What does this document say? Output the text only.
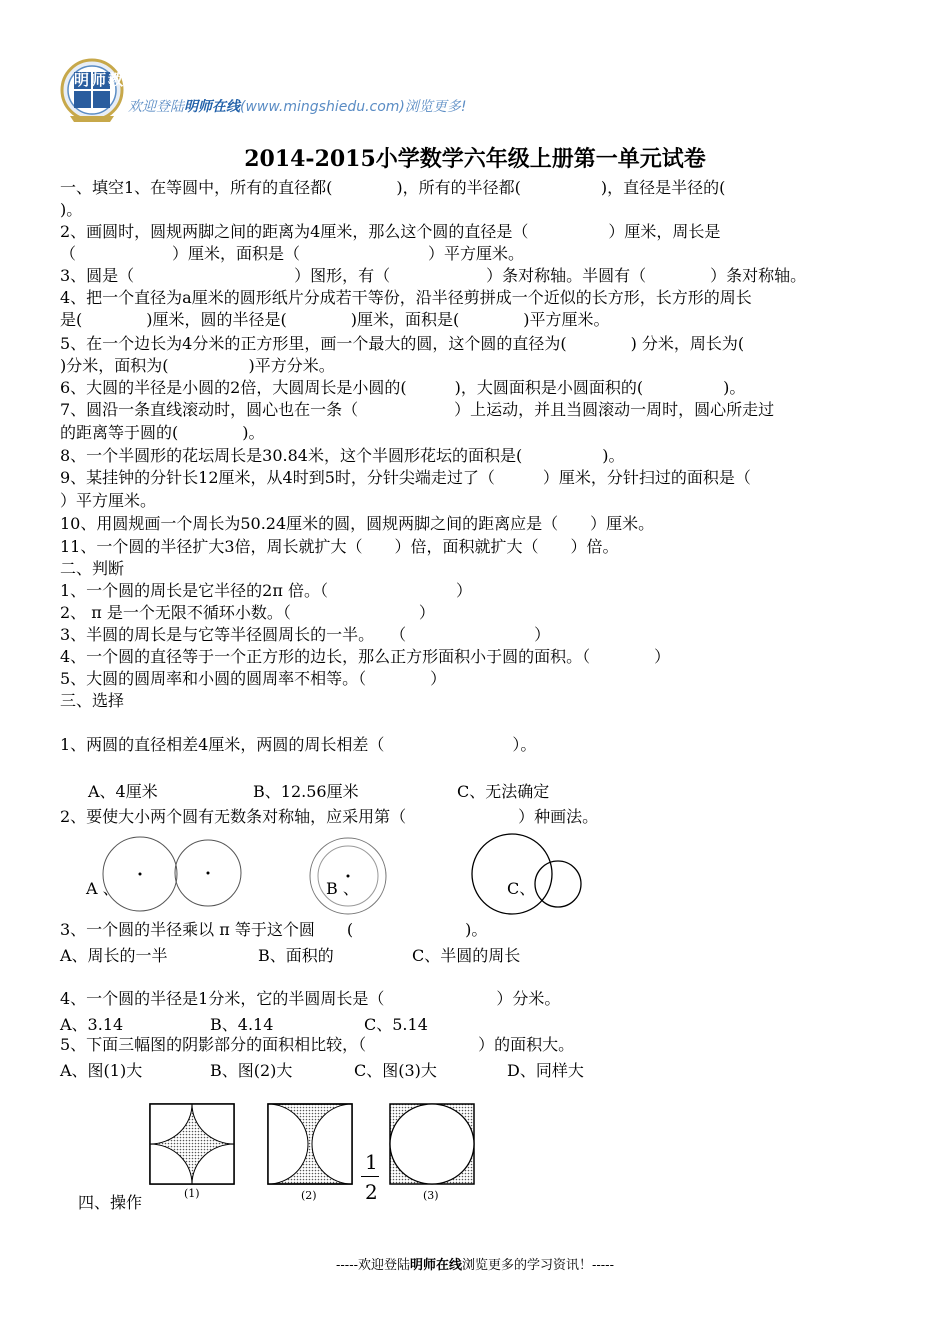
明师教育
欢迎登陆明师在线(www.mingshiedu.com)浏览更多!
2014-2015小学数学六年级上册第一单元试卷
一、填空1、在等圆中，所有的直径都(　　　　)，所有的半径都(　　　　　)，直径是半径的(
)。
2、画圆时，圆规两脚之间的距离为4厘米，那么这个圆的直径是（　　　　　）厘米，周长是
（　　　　　　）厘米，面积是（　　　　　　　　）平方厘米。
3、圆是（　　　　　　　　　　）图形，有（　　　　　　）条对称轴。半圆有（　　　　）条对称轴。
4、把一个直径为a厘米的圆形纸片分成若干等份，沿半径剪拼成一个近似的长方形，长方形的周长
是(　　　　)厘米，圆的半径是(　　　　)厘米，面积是(　　　　)平方厘米。
5、在一个边长为4分米的正方形里，画一个最大的圆，这个圆的直径为(　　　　) 分米，周长为(
)分米，面积为(　　　　　)平方分米。
6、大圆的半径是小圆的2倍，大圆周长是小圆的(　　　)，大圆面积是小圆面积的(　　　　　)。
7、圆沿一条直线滚动时，圆心也在一条（　　　　　　）上运动，并且当圆滚动一周时，圆心所走过
的距离等于圆的(　　　　)。
8、一个半圆形的花坛周长是30.84米，这个半圆形花坛的面积是(　　　　　)。
9、某挂钟的分针长12厘米，从4时到5时，分针尖端走过了（　　　）厘米，分针扫过的面积是（
）平方厘米。
10、用圆规画一个周长为50.24厘米的圆，圆规两脚之间的距离应是（　　）厘米。
11、一个圆的半径扩大3倍，周长就扩大（　　）倍，面积就扩大（　　）倍。
二、判断
1、一个圆的周长是它半径的2π 倍。（　　　　　　　　）
2、 π 是一个无限不循环小数。（　　　　　　　　）
3、半圆的周长是与它等半径圆周长的一半。　　（　　　　　　　　）
4、一个圆的直径等于一个正方形的边长，那么正方形面积小于圆的面积。（　　　　）
5、大圆的圆周率和小圆的圆周率不相等。（　　　　）
三、选择
1、两圆的直径相差4厘米，两圆的周长相差（　　　　　　　　）。
A、4厘米	B、12.56厘米	C、无法确定
2、要使大小两个圆有无数条对称轴，应采用第（　　　　　　　）种画法。
A 、	B 、	C、
3、一个圆的半径乘以 π 等于这个圆　　(　　　　　　　)。
A、周长的一半	B、面积的	C、半圆的周长
4、一个圆的半径是1分米，它的半圆周长是（　　　　　　　）分米。
A、3.14	B、4.14	C、5.14
5、下面三幅图的阴影部分的面积相比较，（　　　　　　　）的面积大。
A、图(1)大	B、图(2)大	C、图(3)大	D、同样大
(1)	(2)	(3)
1
2
四、操作
-----欢迎登陆明师在线浏览更多的学习资讯！-----
